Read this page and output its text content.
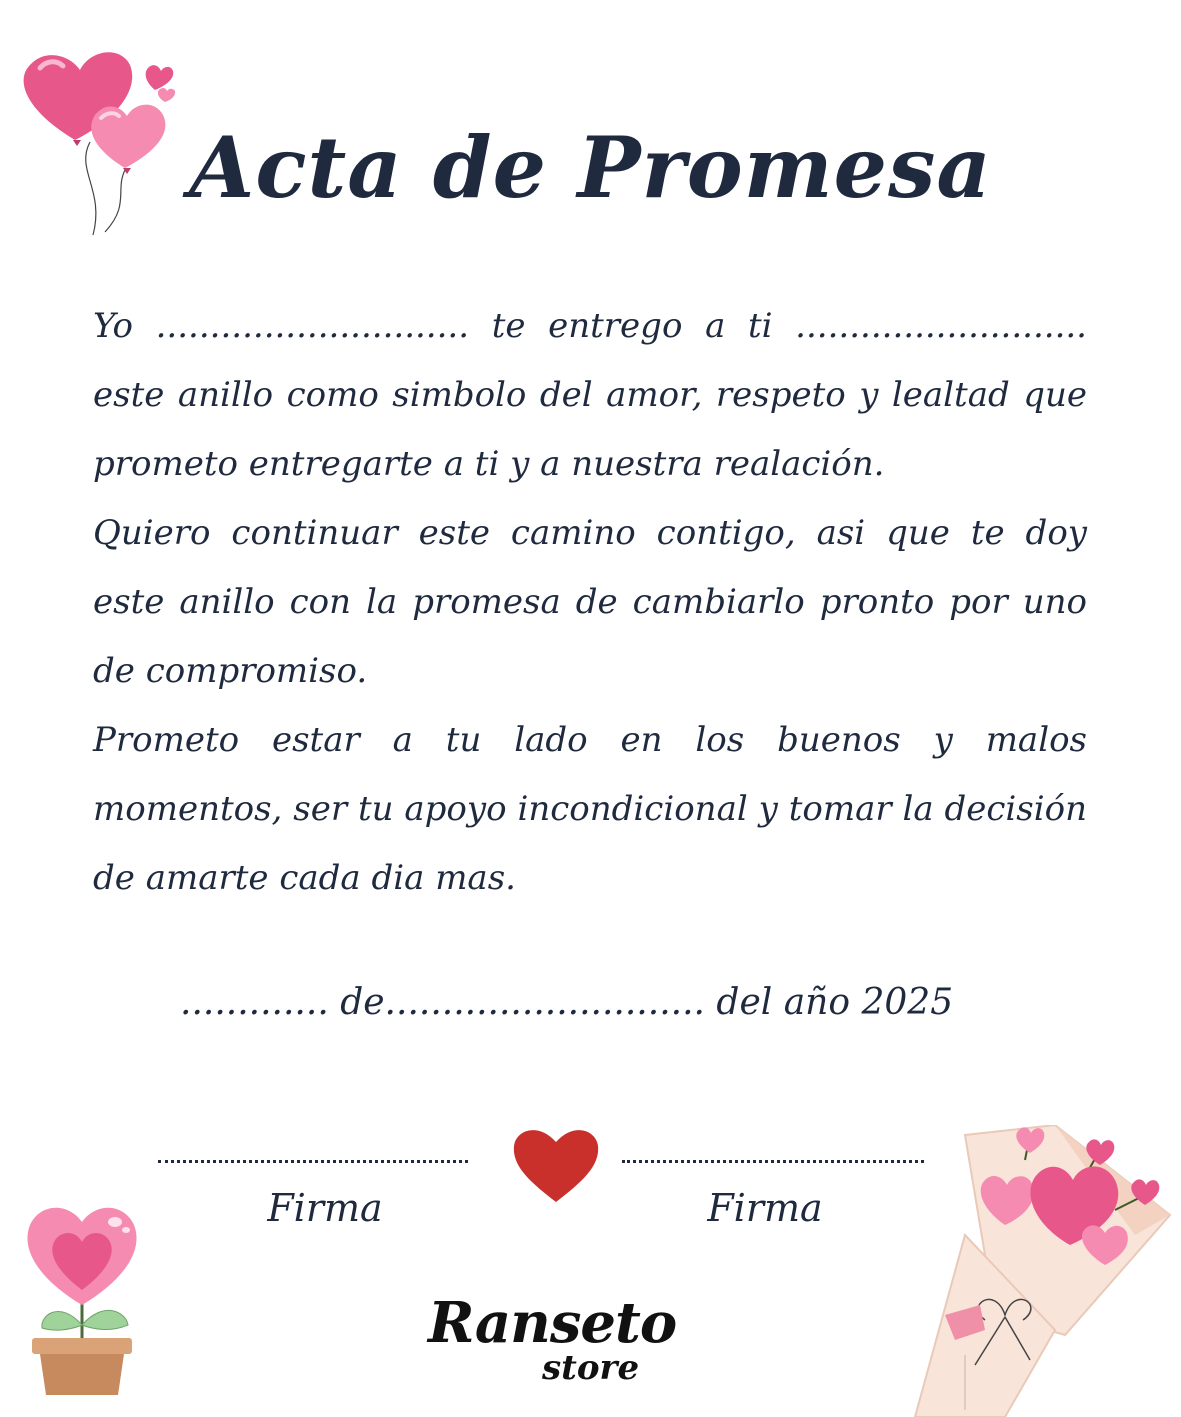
Acta de Promesa

Yo ............................. te entrego a ti ........................... este anillo como simbolo del amor, respeto y lealtad que prometo entregarte a ti y a nuestra realación.

Quiero continuar este camino contigo, asi que te doy este anillo con la promesa de cambiarlo pronto por uno de compromiso.

Prometo estar a tu lado en los buenos y malos momentos, ser tu apoyo incondicional y tomar la decisión de amarte cada dia mas.

............. de............................ del año 2025
Firma	Firma
Ranseto
store
